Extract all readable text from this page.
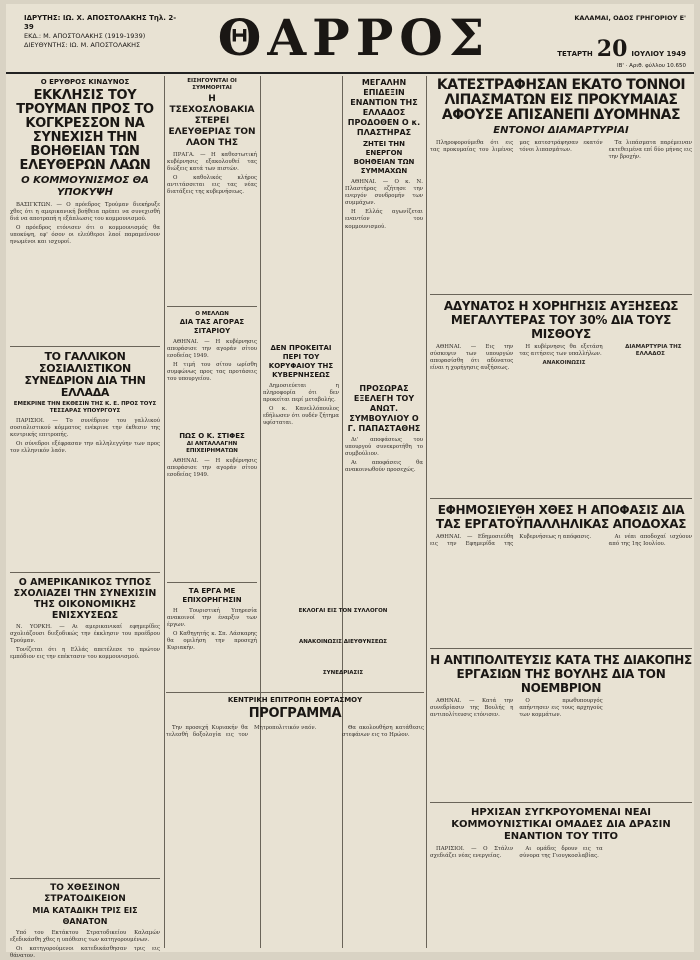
ΙΔΡΥΤΗΣ: ΙΩ. Χ. ΑΠΟΣΤΟΛΑΚΗΣ Τηλ. 2-39
ΕΚΔ.: Μ. ΑΠΟΣΤΟΛΑΚΗΣ (1919-1939)
ΔΙΕΥΘΥΝΤΗΣ: ΙΩ. Μ. ΑΠΟΣΤΟΛΑΚΗΣ	ΘΑΡΡΟΣ	ΚΑΛΑΜΑΙ, ΟΔΟΣ ΓΡΗΓΟΡΙΟΥ Ε'
ΤΕΤΑΡΤΗ 20 ΙΟΥΛΙΟΥ 1949
ΙΒ' · Αριθ. φύλλου 10.650
Ο ΕΡΥΘΡΟΣ ΚΙΝΔΥΝΟΣ
ΕΚΚΛΗΣΙΣ ΤΟΥ ΤΡΟΥΜΑΝ ΠΡΟΣ ΤΟ ΚΟΓΚΡΕΣΣΟΝ ΝΑ ΣΥΝΕΧΙΣΗ ΤΗΝ ΒΟΗΘΕΙΑΝ ΤΩΝ ΕΛΕΥΘΕΡΩΝ ΛΑΩΝ
Ο ΚΟΜΜΟΥΝΙΣΜΟΣ ΘΑ ΥΠΟΚΥΨΗ

ΒΑΣΙΓΚΤΩΝ. — Ο πρόεδρος Τρούμαν διεκήρυξε χθες ότι η αμερικανική βοήθεια πρέπει να συνεχισθή διά να αποτραπή η εξάπλωσις του κομμουνισμού.

Ο πρόεδρος ετόνισεν ότι ο κομμουνισμός θα υποκύψη, εφ' όσον οι ελεύθεροι λαοί παραμείνουν ηνωμένοι και ισχυροί.

ΤΟ ΓΑΛΛΙΚΟΝ ΣΟΣΙΑΛΙΣΤΙΚΟΝ ΣΥΝΕΔΡΙΟΝ ΔΙΑ ΤΗΝ ΕΛΛΑΔΑ
ΕΜΕΚΡΙΝΕ ΤΗΝ ΕΚΘΕΣΙΝ ΤΗΣ Κ. Ε. ΠΡΟΣ ΤΟΥΣ ΤΕΣΣΑΡΑΣ ΥΠΟΥΡΓΟΥΣ

ΠΑΡΙΣΙΟΙ. — Το συνέδριον του γαλλικού σοσιαλιστικού κόμματος ενέκρινε την έκθεσιν της κεντρικής επιτροπής.

Οι σύνεδροι εξέφρασαν την αλληλεγγύην των προς τον ελληνικόν λαόν.

Ο ΑΜΕΡΙΚΑΝΙΚΟΣ ΤΥΠΟΣ ΣΧΟΛΙΑΖΕΙ ΤΗΝ ΣΥΝΕΧΙΣΙΝ ΤΗΣ ΟΙΚΟΝΟΜΙΚΗΣ ΕΝΙΣΧΥΣΕΩΣ

Ν. ΥΟΡΚΗ. — Αι αμερικανικαί εφημερίδες σχολιάζουσι διεξοδικώς την έκκλησιν του προέδρου Τρούμαν.

Τονίζεται ότι η Ελλάς απετέλεσε το πρώτον εμπόδιον εις την επέκτασιν του κομμουνισμού.

ΤΟ ΧΘΕΣΙΝΟΝ ΣΤΡΑΤΟΔΙΚΕΙΟΝ
ΜΙΑ ΚΑΤΑΔΙΚΗ ΤΡΙΣ ΕΙΣ ΘΑΝΑΤΟΝ

Υπό του Εκτάκτου Στρατοδικείου Καλαμών εξεδικάσθη χθες η υπόθεσις των κατηγορουμένων.

Οι κατηγορούμενοι κατεδικάσθησαν τρις εις θάνατον.

ΕΙΣΗΓΟΥΝΤΑΙ ΟΙ ΣΥΜΜΟΡΙΤΑΙ
Η ΤΣΕΧΟΣΛΟΒΑΚΙΑ ΣΤΕΡΕΙ ΕΛΕΥΘΕΡΙΑΣ ΤΟΝ ΛΑΟΝ ΤΗΣ

ΠΡΑΓΑ. — Η καθεστωτική κυβέρνησις εξακολουθεί τας διώξεις κατά των πιστών.

Ο καθολικός κλήρος αντιτάσσεται εις τας νέας διατάξεις της κυβερνήσεως.

Ο ΜΕΛΛΩΝ
ΔΙΑ ΤΑΣ ΑΓΟΡΑΣ ΣΙΤΑΡΙΟΥ

ΑΘΗΝΑΙ. — Η κυβέρνησις απεφάσισε την αγοράν σίτου εσοδείας 1949.

Η τιμή του σίτου ωρίσθη συμφώνως προς τας προτάσεις του υπουργείου.

ΠΩΣ Ο Κ. ΣΤΙΦΕΣ
ΔΙ ΑΝΤΑΛΛΑΓΗΝ ΕΠΙΧΕΙΡΗΜΑΤΩΝ

ΑΘΗΝΑΙ. — Η κυβέρνησις απεφάσισε την αγοράν σίτου εσοδείας 1949.

ΤΑ ΕΡΓΑ ΜΕ ΕΠΙΧΟΡΗΓΗΣΙΝ

Η Τουριστική Υπηρεσία ανακοινοί την έναρξιν των έργων.

Ο Καθηγητής κ. Σπ. Λάσκαρης θα ομιλήση την προσεχή Κυριακήν.

ΜΕΓΑΛΗΝ ΕΠΙΔΕΞΙΝ ΕΝΑΝΤΙΟΝ ΤΗΣ ΕΛΛΑΔΟΣ ΠΡΟΔΟΘΕΝ Ο κ. ΠΛΑΣΤΗΡΑΣ
ΖΗΤΕΙ ΤΗΝ ΕΝΕΡΓΟΝ ΒΟΗΘΕΙΑΝ ΤΩΝ ΣΥΜΜΑΧΩΝ

ΑΘΗΝΑΙ. — Ο κ. Ν. Πλαστήρας εζήτησε την ενεργόν συνδρομήν των συμμάχων.

Η Ελλάς αγωνίζεται εναντίον του κομμουνισμού.

ΔΕΝ ΠΡΟΚΕΙΤΑΙ ΠΕΡΙ ΤΟΥ ΚΟΡΥΦΑΙΟΥ ΤΗΣ ΚΥΒΕΡΝΗΣΕΩΣ

Δημοσιεύεται η πληροφορία ότι δεν προκείται περί μεταβολής.

Ο κ. Κανελλόπουλος εδήλωσεν ότι ουδέν ζήτημα υφίσταται.

ΠΡΟΣΩΡΑΣ ΕΞΕΛΕΓΗ ΤΟΥ ΑΝΩΤ. ΣΥΜΒΟΥΛΙΟΥ Ο Γ. ΠΑΠΑΣΤΑΘΗΣ

Δι' αποφάσεως του υπουργού συνεκροτήθη το συμβούλιον.

Αι αποφάσεις θα ανακοινωθούν προσεχώς.

ΕΚΛΟΓΑΙ ΕΙΣ ΤΟΝ ΣΥΛΛΟΓΟΝ
ΑΝΑΚΟΙΝΩΣΙΣ ΔΙΕΥΘΥΝΣΕΩΣ
ΣΥΝΕΔΡΙΑΣΙΣ
ΚΕΝΤΡΙΚΗ ΕΠΙΤΡΟΠΗ ΕΟΡΤΑΣΜΟΥ
ΠΡΟΓΡΑΜΜΑ

Την προσεχή Κυριακήν θα τελεσθή δοξολογία εις τον Μητροπολιτικόν ναόν.	Θα ακολουθήση κατάθεσις στεφάνων εις το Ηρώον.

ΚΑΤΕΣΤΡΑΦΗΣΑΝ ΕΚΑΤΟ ΤΟΝΝΟΙ ΛΙΠΑΣΜΑΤΩΝ ΕΙΣ ΠΡΟΚΥΜΑΙΑΣ ΑΦΟΥΣΕ ΑΠΙΣΑΝΕΠΙ ΔΥΟΜΗΝΑΣ
ΕΝΤΟΝΟΙ ΔΙΑΜΑΡΤΥΡΙΑΙ

Πληροφορούμεθα ότι εις τας προκυμαίας του λιμένος μας κατεστράφησαν εκατόν τόνοι λιπασμάτων.

Τα λιπάσματα παρέμειναν εκτεθειμένα επί δύο μήνας εις την βροχήν.

ΑΔΥΝΑΤΟΣ Η ΧΟΡΗΓΗΣΙΣ ΑΥΞΗΣΕΩΣ ΜΕΓΑΛΥΤΕΡΑΣ ΤΟΥ 30% ΔΙΑ ΤΟΥΣ ΜΙΣΘΟΥΣ

ΑΘΗΝΑΙ. — Εις την σύσκεψιν των υπουργών απεφασίσθη ότι αδύνατος είναι η χορήγησις αυξήσεως.

Η κυβέρνησις θα εξετάση τας αιτήσεις των υπαλλήλων.

ΑΝΑΚΟΙΝΩΣΙΣ

ΔΙΑΜΑΡΤΥΡΙΑ ΤΗΣ ΕΛΛΑΔΟΣ

ΕΦΗΜΟΣΙΕΥΘΗ ΧΘΕΣ Η ΑΠΟΦΑΣΙΣ ΔΙΑ ΤΑΣ ΕΡΓΑΤΟΫΠΑΛΛΗΛΙΚΑΣ ΑΠΟΔΟΧΑΣ

ΑΘΗΝΑΙ. — Εδημοσιεύθη εις την Εφημερίδα της Κυβερνήσεως η απόφασις.	Αι νέαι αποδοχαί ισχύουν από της 1ης Ιουλίου.

Η ΑΝΤΙΠΟΛΙΤΕΥΣΙΣ ΚΑΤΑ ΤΗΣ ΔΙΑΚΟΠΗΣ ΕΡΓΑΣΙΩΝ ΤΗΣ ΒΟΥΛΗΣ ΔΙΑ ΤΟΝ ΝΟΕΜΒΡΙΟΝ

ΑΘΗΝΑΙ. — Κατά την συνεδρίασιν της Βουλής η αντιπολίτευσις ετόνισεν.

Ο πρωθυπουργός απήντησεν εις τους αρχηγούς των κομμάτων.

ΗΡΧΙΣΑΝ ΣΥΓΚΡΟΥΟΜΕΝΑΙ ΝΕΑΙ ΚΟΜΜΟΥΝΙΣΤΙΚΑΙ ΟΜΑΔΕΣ ΔΙΑ ΔΡΑΣΙΝ ΕΝΑΝΤΙΟΝ ΤΟΥ ΤΙΤΟ

ΠΑΡΙΣΙΟΙ. — Ο Στάλιν σχεδιάζει νέας ενεργείας.

Αι ομάδες δρουν εις τα σύνορα της Γιουγκοσλαβίας.
